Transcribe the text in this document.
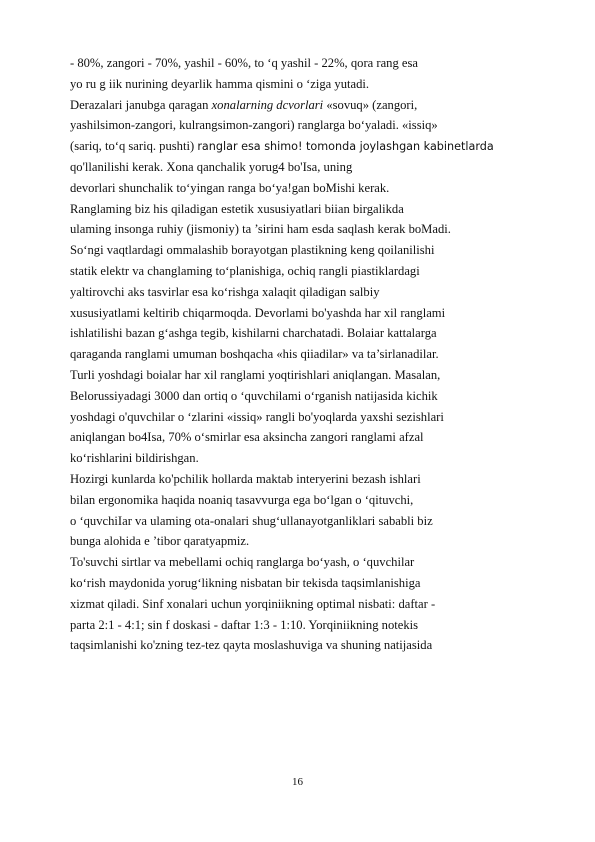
- 80%, zangori - 70%, yashil - 60%, to ‘q yashil - 22%, qora rang esa
yo ru g iik nurining deyarlik hamma qismini o ‘ziga yutadi.
Derazalari janubga qaragan xonalarning dcvorlari «sovuq» (zangori,
yashilsimon-zangori, kulrangsimon-zangori) ranglarga bo‘yaladi. «issiq»
(sariq, to‘q sariq. pushti) ranglar esa shimo! tomonda joylashgan kabinetlarda
qo'llanilishi kerak. Xona qanchalik yorug4 bo'Isa, uning
devorlari shunchalik to‘yingan ranga bo‘ya!gan boMishi kerak.
Ranglaming biz his qiladigan estetik xususiyatlari biian birgalikda
ulaming insonga ruhiy (jismoniy) ta ’sirini ham esda saqlash kerak boMadi.
So‘ngi vaqtlardagi ommalashib borayotgan plastikning keng qoilanilishi
statik elektr va changlaming to‘planishiga, ochiq rangli piastiklardagi
yaltirovchi aks tasvirlar esa ko‘rishga xalaqit qiladigan salbiy
xususiyatlami keltirib chiqarmoqda. Devorlami bo'yashda har xil ranglami
ishlatilishi bazan g‘ashga tegib, kishilarni charchatadi. Bolaiar kattalarga
qaraganda ranglami umuman boshqacha «his qiiadilar» va ta’sirlanadilar.
Turli yoshdagi boialar har xil ranglami yoqtirishlari aniqlangan. Masalan,
Belorussiyadagi 3000 dan ortiq o ‘quvchilami o‘rganish natijasida kichik
yoshdagi o'quvchilar o ‘zlarini «issiq» rangli bo'yoqlarda yaxshi sezishlari
aniqlangan bo4Isa, 70% o‘smirlar esa aksincha zangori ranglami afzal
ko‘rishlarini bildirishgan.
Hozirgi kunlarda ko'pchilik hollarda maktab interyerini bezash ishlari
bilan ergonomika haqida noaniq tasavvurga ega bo‘lgan o ‘qituvchi,
o ‘quvchiIar va ulaming ota-onalari shug‘ullanayotganliklari sababli biz
bunga alohida e ’tibor qaratyapmiz.
To'suvchi sirtlar va mebellami ochiq ranglarga bo‘yash, o ‘quvchilar
ko‘rish maydonida yorug‘likning nisbatan bir tekisda taqsimlanishiga
xizmat qiladi. Sinf xonalari uchun yorqiniikning optimal nisbati: daftar -
parta 2:1 - 4:1; sin f doskasi - daftar 1:3 - 1:10. Yorqiniikning notekis
taqsimlanishi ko'zning tez-tez qayta moslashuviga va shuning natijasida
16
